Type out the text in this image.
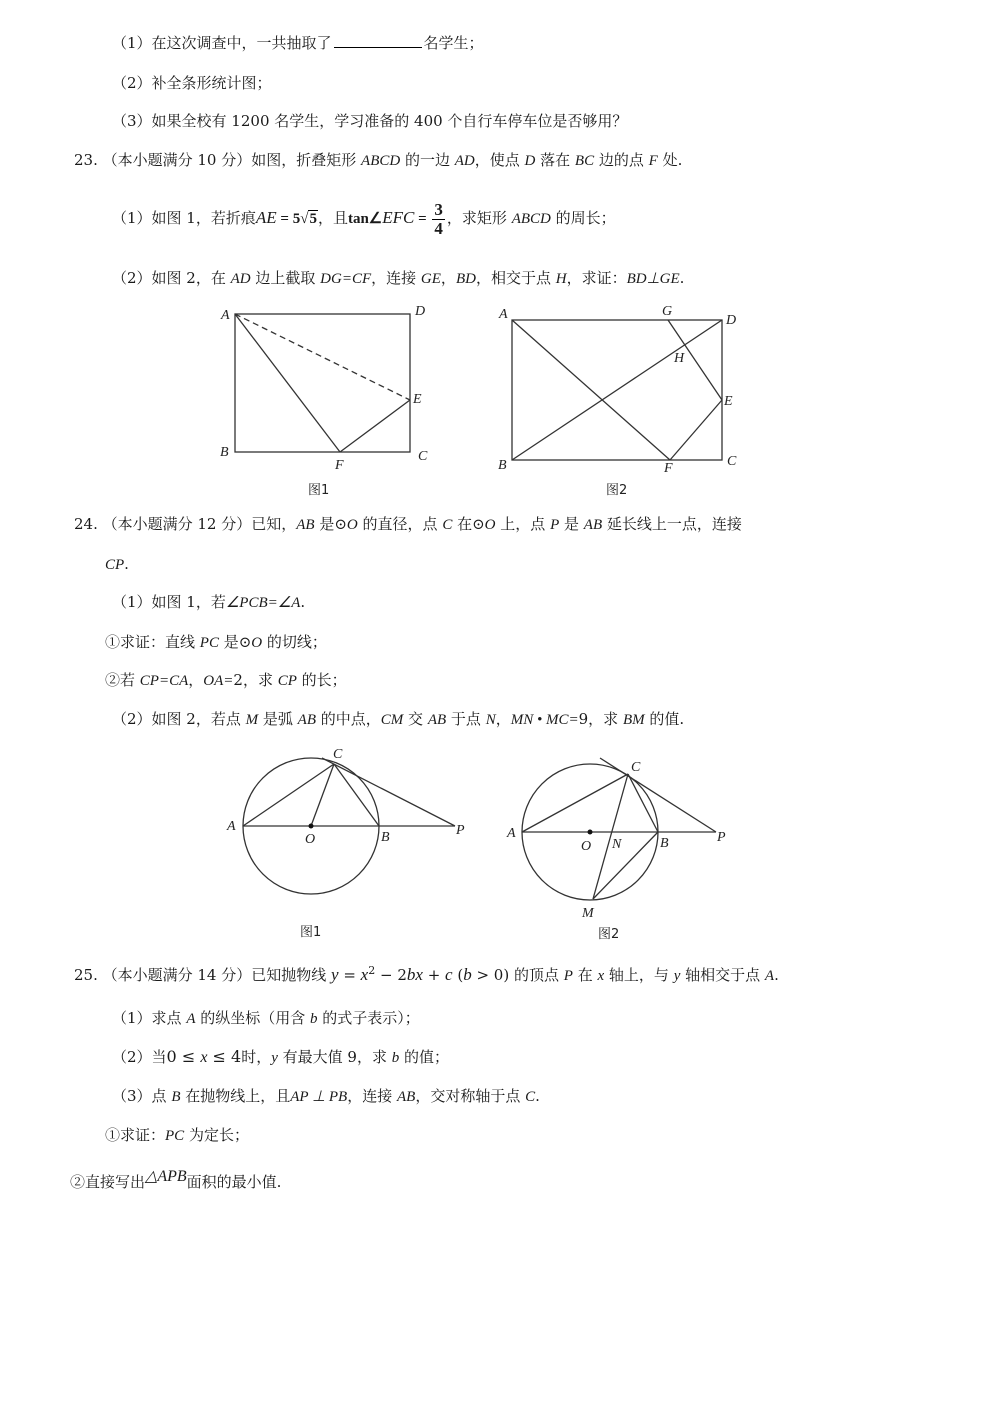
（1）在这次调查中，一共抽取了	名学生；
（2）补全条形统计图；
（3）如果全校有 1200 名学生，学习准备的 400 个自行车停车位是否够用？
23. （本小题满分 10 分）如图，折叠矩形 ABCD 的一边 AD，使点 D 落在 BC 边的点 F 处.
（1）如图 1，若折痕AE = 5√5，且tan∠EFC = $\frac{3}{4}$ ，求矩形 ABCD 的周长；
（2）如图 2，在 AD 边上截取 DG=CF，连接 GE，BD，相交于点 H，求证：BD⊥GE.
A	D
B	C
E
F
图1
A	G
D
H
E
B	F	C
图2
C
A
O	B	P
图1
C
A
O N	B	P
M
图2
24. （本小题满分 12 分）已知，AB 是⊙O 的直径，点 C 在⊙O 上，点 P 是 AB 延长线上一点，连接
CP.
（1）如图 1，若∠PCB=∠A.
①求证：直线 PC 是⊙O 的切线；
②若 CP=CA，OA=2，求 CP 的长；
（2）如图 2，若点 M 是弧 AB 的中点，CM 交 AB 于点 N，MN • MC=9，求 BM 的值.
25. （本小题满分 14 分）已知抛物线 $y = x^2 - 2bx + c$ (b > 0) 的顶点 P 在 x 轴上，与 y 轴相交于点 A.
（1）求点 A 的纵坐标（用含 b 的式子表示）；
（2）当0 ≤ x ≤ 4时，y 有最大值 9，求 b 的值；
（3）点 B 在抛物线上，且AP ⊥ PB，连接 AB，交对称轴于点 C.
①求证：PC 为定长；
②直接写出△APB面积的最小值.
